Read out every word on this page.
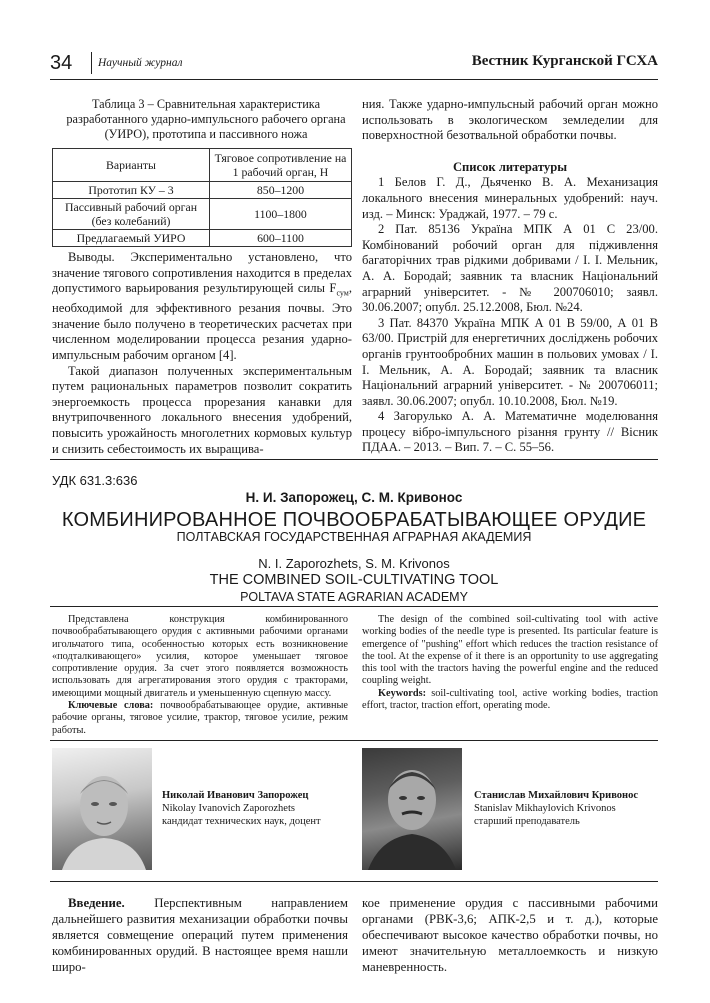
34 Научный журнал	Вестник Курганской ГСХА
Таблица 3 – Сравнительная характеристика разработанного ударно-импульсного рабочего органа (УИРО), прототипа и пассивного ножа
Варианты	Тяговое сопротивление на 1 рабочий орган, Н
Прототип КУ – 3	850–1200
Пассивный рабочий орган (без колебаний)	1100–1800
Предлагаемый УИРО	600–1100

Выводы. Экспериментально установлено, что значение тягового сопротивления находится в пределах допустимого варьирования результирующей силы $F_{сум}$, необходимой для эффективного резания почвы. Это значение было получено в теоретических расчетах при численном моделировании процесса резания ударно-импульсным рабочим органом [4].

Такой диапазон полученных экспериментальным путем рациональных параметров позволит сократить энергоемкость процесса прорезания канавки для внутрипочвенного локального внесения удобрений, повысить урожайность многолетних кормовых культур и снизить себестоимость их выращива-

ния. Также ударно-импульсный рабочий орган можно использовать в экологическом земледелии для поверхностной безотвальной обработки почвы.

Список литературы

1 Белов Г. Д., Дьяченко В. А. Механизация локального внесения минеральных удобрений: науч. изд. – Минск: Ураджай, 1977. – 79 с.

2 Пат. 85136 Україна МПК А 01 С 23/00. Комбінований робочий орган для підживлення багаторічних трав рідкими добривами / І. І. Мельник, А. А. Бородай; заявник та власник Національний аграрний університет. - № 200706010; заявл. 30.06.2007; опубл. 25.12.2008, Бюл. №24.

3 Пат. 84370 Україна МПК А 01 В 59/00, А 01 В 63/00. Пристрій для енергетичних досліджень робочих органів грунтообробних машин в польових умовах / І. І. Мельник, А. А. Бородай; заявник та власник Національний аграрний університет. - № 200706011; заявл. 30.06.2007; опубл. 10.10.2008, Бюл. №19.

4 Загорулько А. А. Математичне моделювання процесу вібро-імпульсного різання грунту // Вісник ПДАА. – 2013. – Вип. 7. – С. 55–56.

УДК 631.3:636
Н. И. Запорожец, С. М. Кривонос
КОМБИНИРОВАННОЕ ПОЧВООБРАБАТЫВАЮЩЕЕ ОРУДИЕ
ПОЛТАВСКАЯ ГОСУДАРСТВЕННАЯ АГРАРНАЯ АКАДЕМИЯ
N. I. Zaporozhets, S. M. Krivonos
THE COMBINED SOIL-CULTIVATING TOOL
POLTAVA STATE AGRARIAN ACADEMY

Представлена конструкция комбинированного почвообрабатывающего орудия с активными рабочими органами игольчатого типа, особенностью которых есть возникновение «подталкивающего» усилия, которое уменьшает тяговое сопротивление орудия. За счет этого появляется возможность использовать для агрегатирования этого орудия с тракторами, имеющими мощный двигатель и уменьшенную сцепную массу.

Ключевые слова: почвообрабатывающее орудие, активные рабочие органы, тяговое усилие, трактор, тяговое усилие, режим работы.

The design of the combined soil-cultivating tool with active working bodies of the needle type is presented. Its particular feature is emergence of "pushing" effort which reduces the traction resistance of the tool. At the expense of it there is an opportunity to use aggregating this tool with the tractors having the powerful engine and the reduced coupling weight.

Keywords: soil-cultivating tool, active working bodies, traction effort, tractor, traction effort, operating mode.

Николай Иванович Запорожец
Nikolay Ivanovich Zaporozhets
кандидат технических наук, доцент
Станислав Михайлович Кривонос
Stanislav Mikhaylovich Krivonos
старший преподаватель

Введение. Перспективным направлением дальнейшего развития механизации обработки почвы является совмещение операций путем применения комбинированных орудий. В настоящее время нашли широ-

кое применение орудия с пассивными рабочими органами (РВК-3,6; АПК-2,5 и т. д.), которые обеспечивают высокое качество обработки почвы, но имеют значительную металлоемкость и низкую маневренность.
